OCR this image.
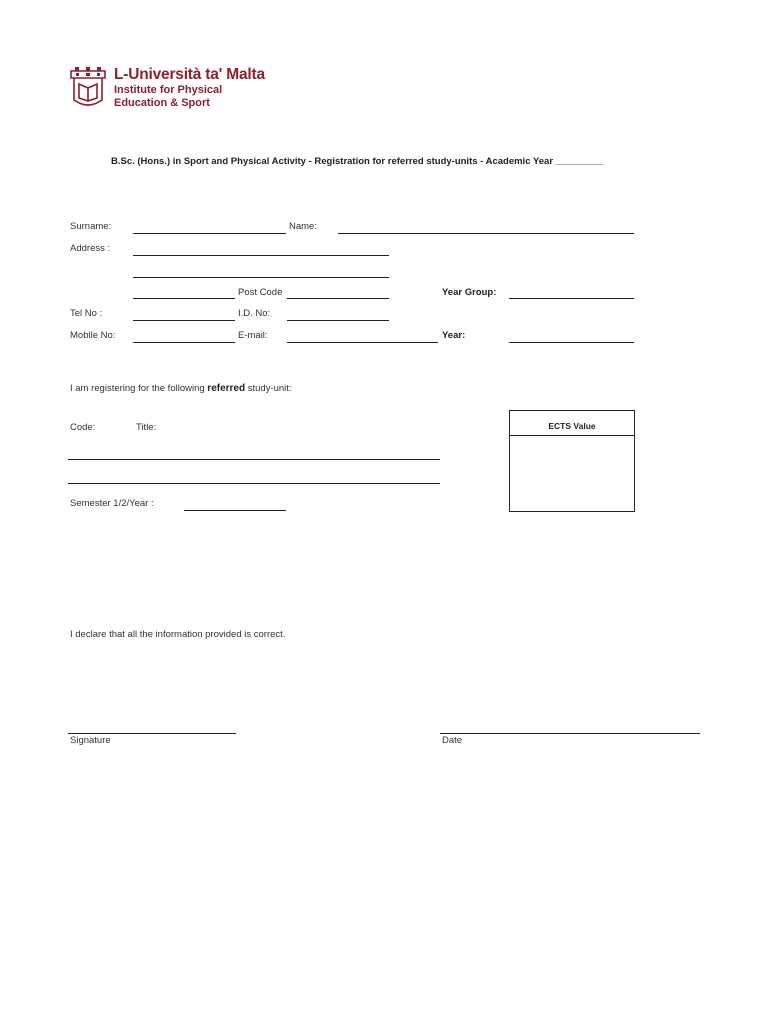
L-Università ta' Malta
Institute for Physical
Education & Sport
B.Sc. (Hons.) in Sport and Physical Activity - Registration for referred study-units - Academic Year _________
Surname:	Name:
Address :
Post Code	Year Group:
Tel No :	I.D. No:
Mobile No:	E-mail:	Year:
I am registering for the following referred study-unit:
Code:	Title:	ECTS Value
Semester 1/2/Year :
I declare that all the information provided is correct.
Signature	Date
